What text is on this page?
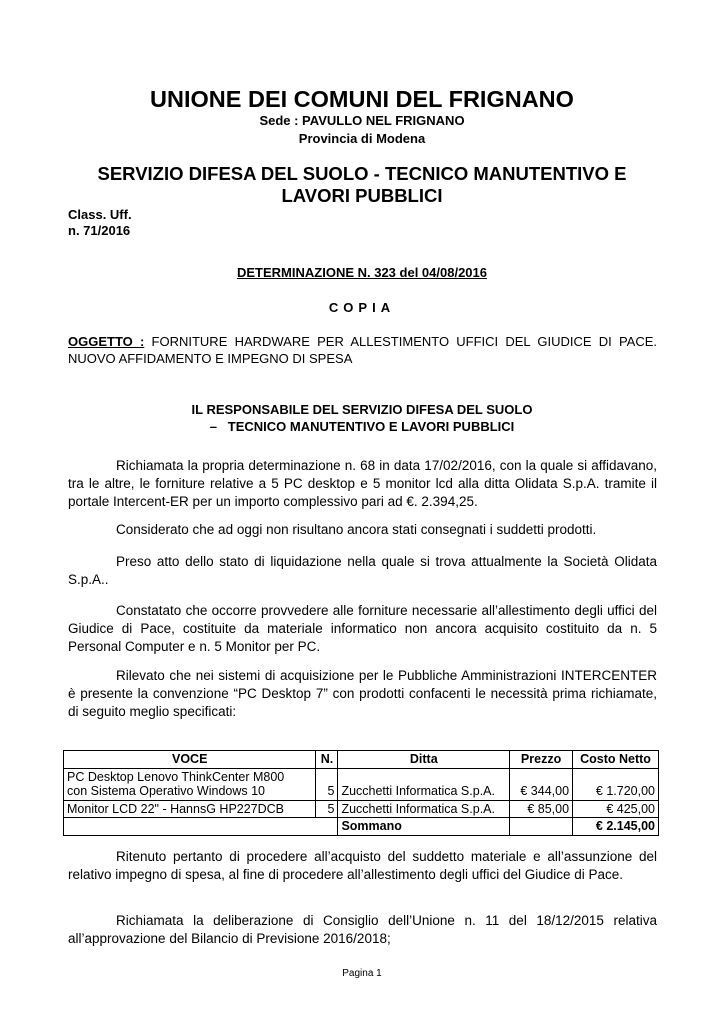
UNIONE DEI COMUNI DEL FRIGNANO
Sede : PAVULLO NEL FRIGNANO
Provincia di Modena
SERVIZIO DIFESA DEL SUOLO - TECNICO MANUTENTIVO E
LAVORI PUBBLICI
Class. Uff.
n. 71/2016
DETERMINAZIONE N. 323 del 04/08/2016
COPIA
OGGETTO : FORNITURE HARDWARE PER ALLESTIMENTO UFFICI DEL GIUDICE DI PACE. NUOVO AFFIDAMENTO E IMPEGNO DI SPESA
IL RESPONSABILE DEL SERVIZIO DIFESA DEL SUOLO
–   TECNICO MANUTENTIVO E LAVORI PUBBLICI

Richiamata la propria determinazione n. 68 in data 17/02/2016, con la quale si affidavano, tra le altre, le forniture relative a 5 PC desktop e 5 monitor lcd alla ditta Olidata S.p.A. tramite il portale Intercent-ER per un importo complessivo pari ad €. 2.394,25.

Considerato che ad oggi non risultano ancora stati consegnati i suddetti prodotti.

Preso atto dello stato di liquidazione nella quale si trova attualmente la Società Olidata S.p.A..

Constatato che occorre provvedere alle forniture necessarie all’allestimento degli uffici del Giudice di Pace, costituite da materiale informatico non ancora acquisito costituito da n. 5 Personal Computer e n. 5 Monitor per PC.

Rilevato che nei sistemi di acquisizione per le Pubbliche Amministrazioni INTERCENTER è presente la convenzione “PC Desktop 7” con prodotti confacenti le necessità prima richiamate, di seguito meglio specificati:

VOCE	N.	Ditta	Prezzo	Costo Netto

PC Desktop Lenovo ThinkCenter M800
con Sistema Operativo Windows 10	5	Zucchetti Informatica S.p.A.	€ 344,00	€ 1.720,00
Monitor LCD 22" - HannsG HP227DCB	5	Zucchetti Informatica S.p.A.	€ 85,00	€ 425,00
		Sommano		€ 2.145,00

Ritenuto pertanto di procedere all’acquisto del suddetto materiale e all’assunzione del relativo impegno di spesa, al fine di procedere all’allestimento degli uffici del Giudice di Pace.

Richiamata la deliberazione di Consiglio dell’Unione n. 11 del 18/12/2015 relativa all’approvazione del Bilancio di Previsione 2016/2018;

Pagina 1
